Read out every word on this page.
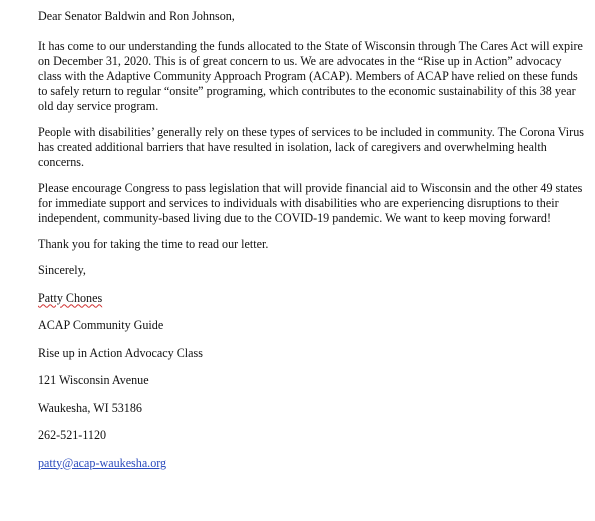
Dear Senator Baldwin and Ron Johnson,

It has come to our understanding the funds allocated to the State of Wisconsin through The Cares Act will expire on December 31, 2020. This is of great concern to us. We are advocates in the “Rise up in Action” advocacy class with the Adaptive Community Approach Program (ACAP). Members of ACAP have relied on these funds to safely return to regular “onsite” programing, which contributes to the economic sustainability of this 38 year old day service program.

People with disabilities’ generally rely on these types of services to be included in community. The Corona Virus has created additional barriers that have resulted in isolation, lack of caregivers and overwhelming health concerns.

Please encourage Congress to pass legislation that will provide financial aid to Wisconsin and the other 49 states for immediate support and services to individuals with disabilities who are experiencing disruptions to their independent, community-based living due to the COVID-19 pandemic. We want to keep moving forward!

Thank you for taking the time to read our letter.

Sincerely,

Patty Chones

ACAP Community Guide

Rise up in Action Advocacy Class

121 Wisconsin Avenue

Waukesha, WI 53186

262-521-1120

patty@acap-waukesha.org
